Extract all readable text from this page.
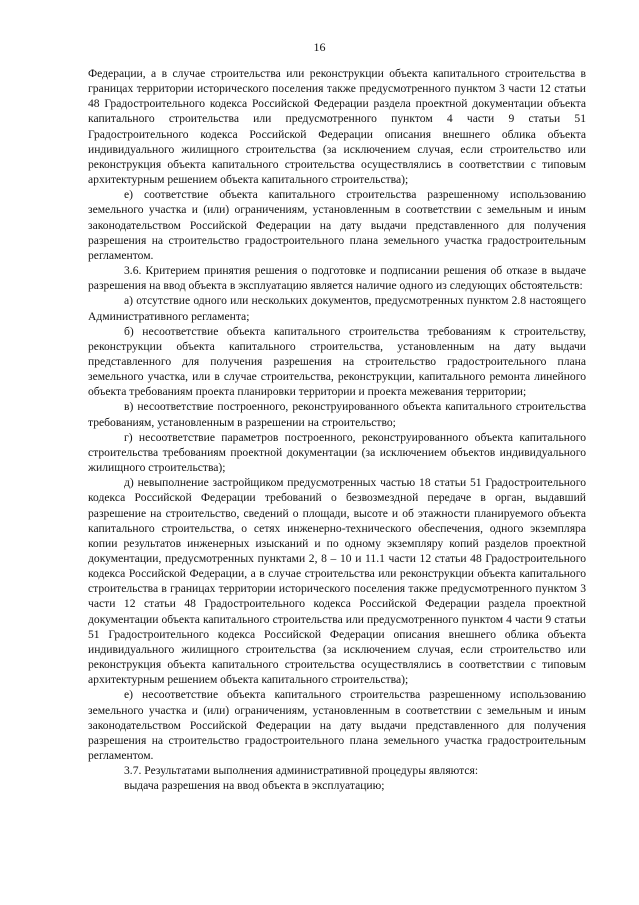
16

Федерации, а в случае строительства или реконструкции объекта капитального строительства в границах территории исторического поселения также предусмотренного пунктом 3 части 12 статьи 48 Градостроительного кодекса Российской Федерации раздела проектной документации объекта капитального строительства или предусмотренного пунктом 4 части 9 статьи 51 Градостроительного кодекса Российской Федерации описания внешнего облика объекта индивидуального жилищного строительства (за исключением случая, если строительство или реконструкция объекта капитального строительства осуществлялись в соответствии с типовым архитектурным решением объекта капитального строительства);

е) соответствие объекта капитального строительства разрешенному использованию земельного участка и (или) ограничениям, установленным в соответствии с земельным и иным законодательством Российской Федерации на дату выдачи представленного для получения разрешения на строительство градостроительного плана земельного участка градостроительным регламентом.

3.6. Критерием принятия решения о подготовке и подписании решения об отказе в выдаче разрешения на ввод объекта в эксплуатацию является наличие одного из следующих обстоятельств:

а) отсутствие одного или нескольких документов, предусмотренных пунктом 2.8 настоящего Административного регламента;

б) несоответствие объекта капитального строительства требованиям к строительству, реконструкции объекта капитального строительства, установленным на дату выдачи представленного для получения разрешения на строительство градостроительного плана земельного участка, или в случае строительства, реконструкции, капитального ремонта линейного объекта требованиям проекта планировки территории и проекта межевания территории;

в) несоответствие построенного, реконструированного объекта капитального строительства требованиям, установленным в разрешении на строительство;

г) несоответствие параметров построенного, реконструированного объекта капитального строительства требованиям проектной документации (за исключением объектов индивидуального жилищного строительства);

д) невыполнение застройщиком предусмотренных частью 18 статьи 51 Градостроительного кодекса Российской Федерации требований о безвозмездной передаче в орган, выдавший разрешение на строительство, сведений о площади, высоте и об этажности планируемого объекта капитального строительства, о сетях инженерно-технического обеспечения, одного экземпляра копии результатов инженерных изысканий и по одному экземпляру копий разделов проектной документации, предусмотренных пунктами 2, 8 – 10 и 11.1 части 12 статьи 48 Градостроительного кодекса Российской Федерации, а в случае строительства или реконструкции объекта капитального строительства в границах территории исторического поселения также предусмотренного пунктом 3 части 12 статьи 48 Градостроительного кодекса Российской Федерации раздела проектной документации объекта капитального строительства или предусмотренного пунктом 4 части 9 статьи 51 Градостроительного кодекса Российской Федерации описания внешнего облика объекта индивидуального жилищного строительства (за исключением случая, если строительство или реконструкция объекта капитального строительства осуществлялись в соответствии с типовым архитектурным решением объекта капитального строительства);

е) несоответствие объекта капитального строительства разрешенному использованию земельного участка и (или) ограничениям, установленным в соответствии с земельным и иным законодательством Российской Федерации на дату выдачи представленного для получения разрешения на строительство градостроительного плана земельного участка градостроительным регламентом.

3.7. Результатами выполнения административной процедуры являются:

выдача разрешения на ввод объекта в эксплуатацию;
